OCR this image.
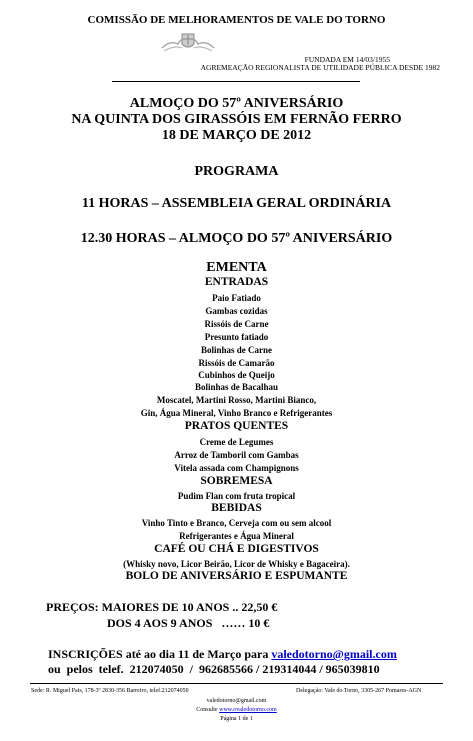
COMISSÃO DE MELHORAMENTOS DE VALE DO TORNO
FUNDADA EM 14/03/1955
AGREMEAÇÃO REGIONALISTA DE UTILIDADE PÚBLICA DESDE 1982
ALMOÇO DO 57º ANIVERSÁRIO
NA QUINTA DOS GIRASSÓIS EM FERNÃO FERRO
18 DE MARÇO DE 2012
PROGRAMA
11 HORAS – ASSEMBLEIA GERAL ORDINÁRIA
12.30 HORAS – ALMOÇO DO 57º ANIVERSÁRIO
EMENTA
ENTRADAS
Paio Fatiado
Gambas cozidas
Rissóis de Carne
Presunto fatiado
Bolinhas de Carne
Rissóis de Camarão
Cubinhos de Queijo
Bolinhas de Bacalhau
Moscatel, Martini Rosso, Martini Bianco,
Gin, Água Mineral, Vinho Branco e Refrigerantes
PRATOS QUENTES
Creme de Legumes
Arroz de Tamboril com Gambas
Vitela assada com Champignons
SOBREMESA
Pudim Flan com fruta tropical
BEBIDAS
Vinho Tinto e Branco, Cerveja com ou sem alcool
Refrigerantes e Água Mineral
CAFÉ OU CHÁ E DIGESTIVOS
(Whisky novo, Licor Beirão, Licor de Whisky e Bagaceira).
BOLO DE ANIVERSÁRIO E ESPUMANTE
PREÇOS: MAIORES DE 10 ANOS .. 22,50 €
DOS 4 AOS 9 ANOS   …… 10 €
INSCRIÇÕES até ao dia 11 de Março para valedotorno@gmail.com
ou  pelos  telef.  212074050  /  962685566 / 219314044 / 965039810
Sede: R. Miguel Pais, 178-3º 2830-356 Barreiro, telef.212074050	Delegação: Vale do Torno, 3305-267 Pomares-AGN
valedotorno@gmail.com
Consulte www.ovaledotorno.com
Página 1 de 1
